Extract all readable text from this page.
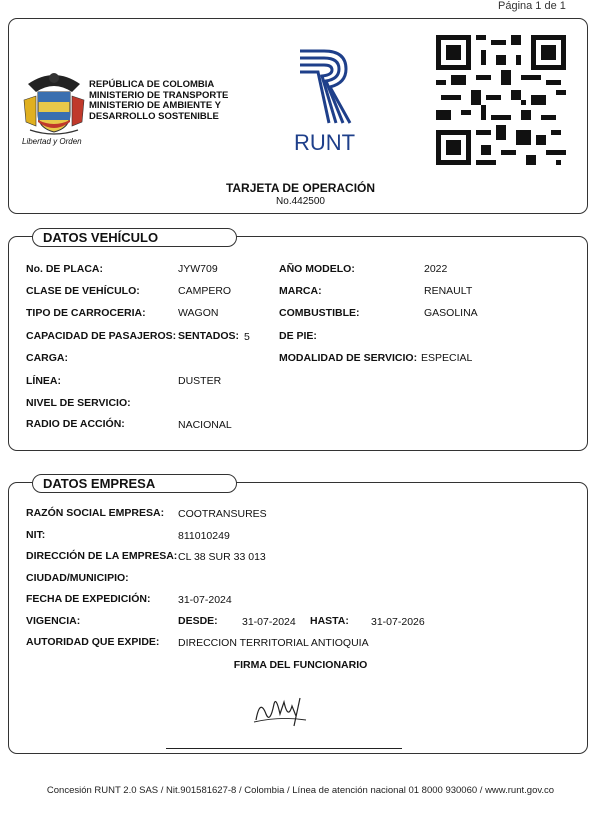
Página 1 de 1
Libertad y Orden
REPÚBLICA DE COLOMBIA
MINISTERIO DE TRANSPORTE
MINISTERIO DE AMBIENTE Y
DESARROLLO SOSTENIBLE
RUNT
TARJETA DE OPERACIÓN
No.442500
DATOS VEHÍCULO
No. DE PLACA:	JYW709	AÑO MODELO:	2022
CLASE DE VEHÍCULO:	CAMPERO	MARCA:	RENAULT
TIPO DE CARROCERIA:	WAGON	COMBUSTIBLE:	GASOLINA
CAPACIDAD DE PASAJEROS: SENTADOS: 5	DE PIE:
CARGA:	MODALIDAD DE SERVICIO: ESPECIAL
LÍNEA:	DUSTER
NIVEL DE SERVICIO:
RADIO DE ACCIÓN:	NACIONAL
DATOS EMPRESA
RAZÓN SOCIAL EMPRESA: COOTRANSURES
NIT:	811010249
DIRECCIÓN DE LA EMPRESA: CL 38 SUR 33 013
CIUDAD/MUNICIPIO:
FECHA DE EXPEDICIÓN:	31-07-2024
VIGENCIA:	DESDE: 31-07-2024 HASTA: 31-07-2026
AUTORIDAD QUE EXPIDE: DIRECCION TERRITORIAL ANTIOQUIA
FIRMA DEL FUNCIONARIO
Concesión RUNT 2.0 SAS / Nit.901581627-8 / Colombia / Línea de atención nacional 01 8000 930060 / www.runt.gov.co
